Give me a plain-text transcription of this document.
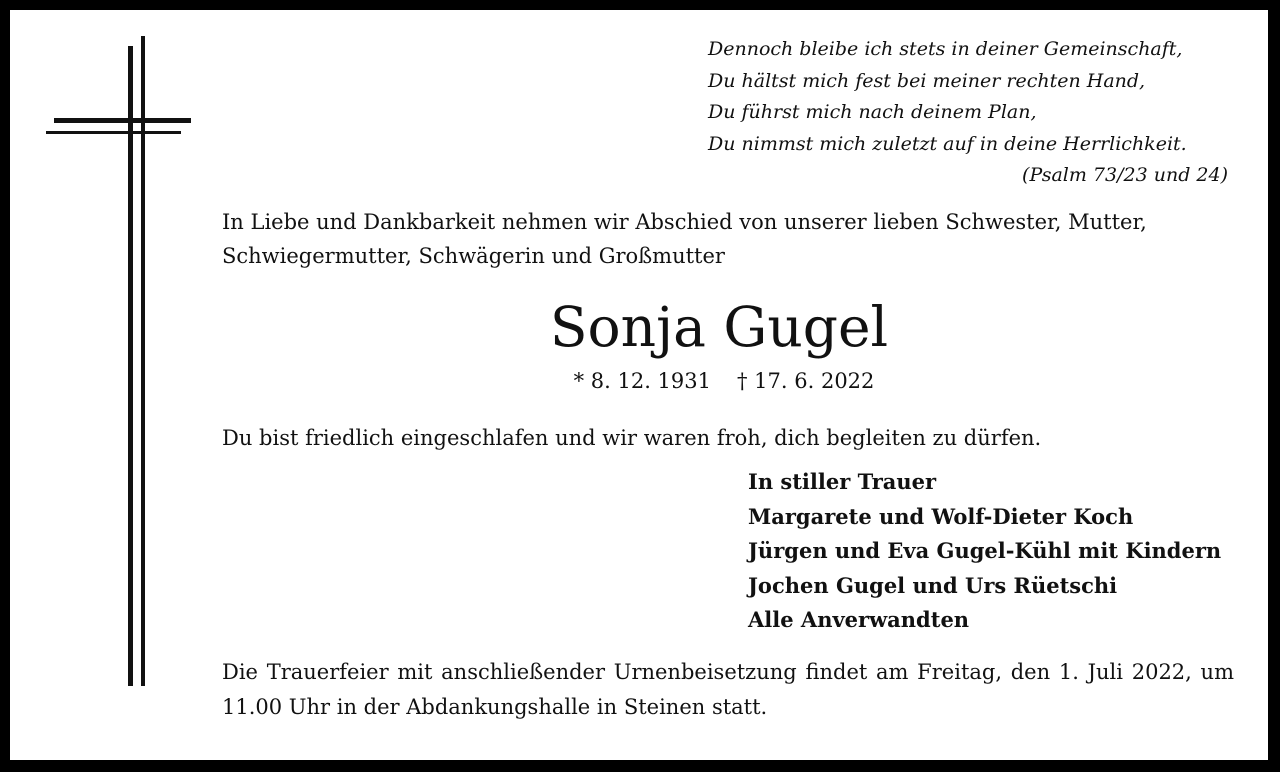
Dennoch bleibe ich stets in deiner Gemeinschaft,
Du hältst mich fest bei meiner rechten Hand,
Du führst mich nach deinem Plan,
Du nimmst mich zuletzt auf in deine Herrlichkeit.
(Psalm 73/23 und 24)
In Liebe und Dankbarkeit nehmen wir Abschied von unserer lieben Schwester, Mutter, Schwiegermutter, Schwägerin und Großmutter
Sonja Gugel
* 8. 12. 1931 † 17. 6. 2022
Du bist friedlich eingeschlafen und wir waren froh, dich begleiten zu dürfen.
In stiller Trauer
Margarete und Wolf-Dieter Koch
Jürgen und Eva Gugel-Kühl mit Kindern
Jochen Gugel und Urs Rüetschi
Alle Anverwandten
Die Trauerfeier mit anschließender Urnenbeisetzung findet am Freitag, den 1. Juli 2022, um 11.00 Uhr in der Abdankungshalle in Steinen statt.
